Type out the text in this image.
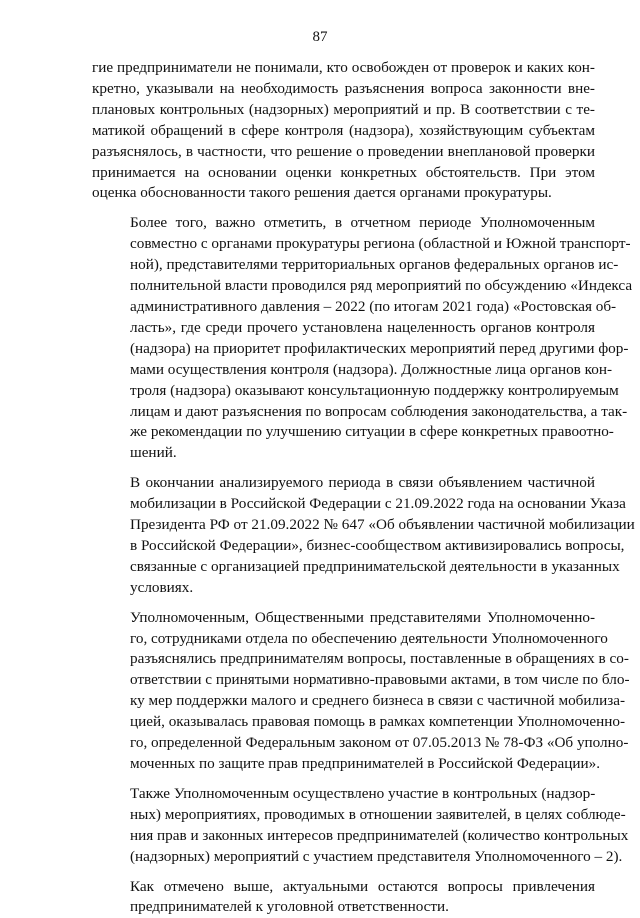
87

гие предприниматели не понимали, кто освобожден от проверок и каких кон-
кретно, указывали на необходимость разъяснения вопроса законности вне-
плановых контрольных (надзорных) мероприятий и пр. В соответствии с те-
матикой обращений в сфере контроля (надзора), хозяйствующим субъектам
разъяснялось, в частности, что решение о проведении внеплановой проверки
принимается на основании оценки конкретных обстоятельств. При этом
оценка обоснованности такого решения дается органами прокуратуры.

Более того, важно отметить, в отчетном периоде Уполномоченным
совместно с органами прокуратуры региона (областной и Южной транспорт-
ной), представителями территориальных органов федеральных органов ис-
полнительной власти проводился ряд мероприятий по обсуждению «Индекса
административного давления – 2022 (по итогам 2021 года) «Ростовская об-
ласть», где среди прочего установлена нацеленность органов контроля
(надзора) на приоритет профилактических мероприятий перед другими фор-
мами осуществления контроля (надзора). Должностные лица органов кон-
троля (надзора) оказывают консультационную поддержку контролируемым
лицам и дают разъяснения по вопросам соблюдения законодательства, а так-
же рекомендации по улучшению ситуации в сфере конкретных правоотно-
шений.

В окончании анализируемого периода в связи объявлением частичной
мобилизации в Российской Федерации с 21.09.2022 года на основании Указа
Президента РФ от 21.09.2022 № 647 «Об объявлении частичной мобилизации
в Российской Федерации», бизнес-сообществом активизировались вопросы,
связанные с организацией предпринимательской деятельности в указанных
условиях.

Уполномоченным, Общественными представителями Уполномоченно-
го, сотрудниками отдела по обеспечению деятельности Уполномоченного
разъяснялись предпринимателям вопросы, поставленные в обращениях в со-
ответствии с принятыми нормативно-правовыми актами, в том числе по бло-
ку мер поддержки малого и среднего бизнеса в связи с частичной мобилиза-
цией, оказывалась правовая помощь в рамках компетенции Уполномоченно-
го, определенной Федеральным законом от 07.05.2013 № 78-ФЗ «Об уполно-
моченных по защите прав предпринимателей в Российской Федерации».

Также Уполномоченным осуществлено участие в контрольных (надзор-
ных) мероприятиях, проводимых в отношении заявителей, в целях соблюде-
ния прав и законных интересов предпринимателей (количество контрольных
(надзорных) мероприятий с участием представителя Уполномоченного – 2).

Как отмечено выше, актуальными остаются вопросы привлечения
предпринимателей к уголовной ответственности.
